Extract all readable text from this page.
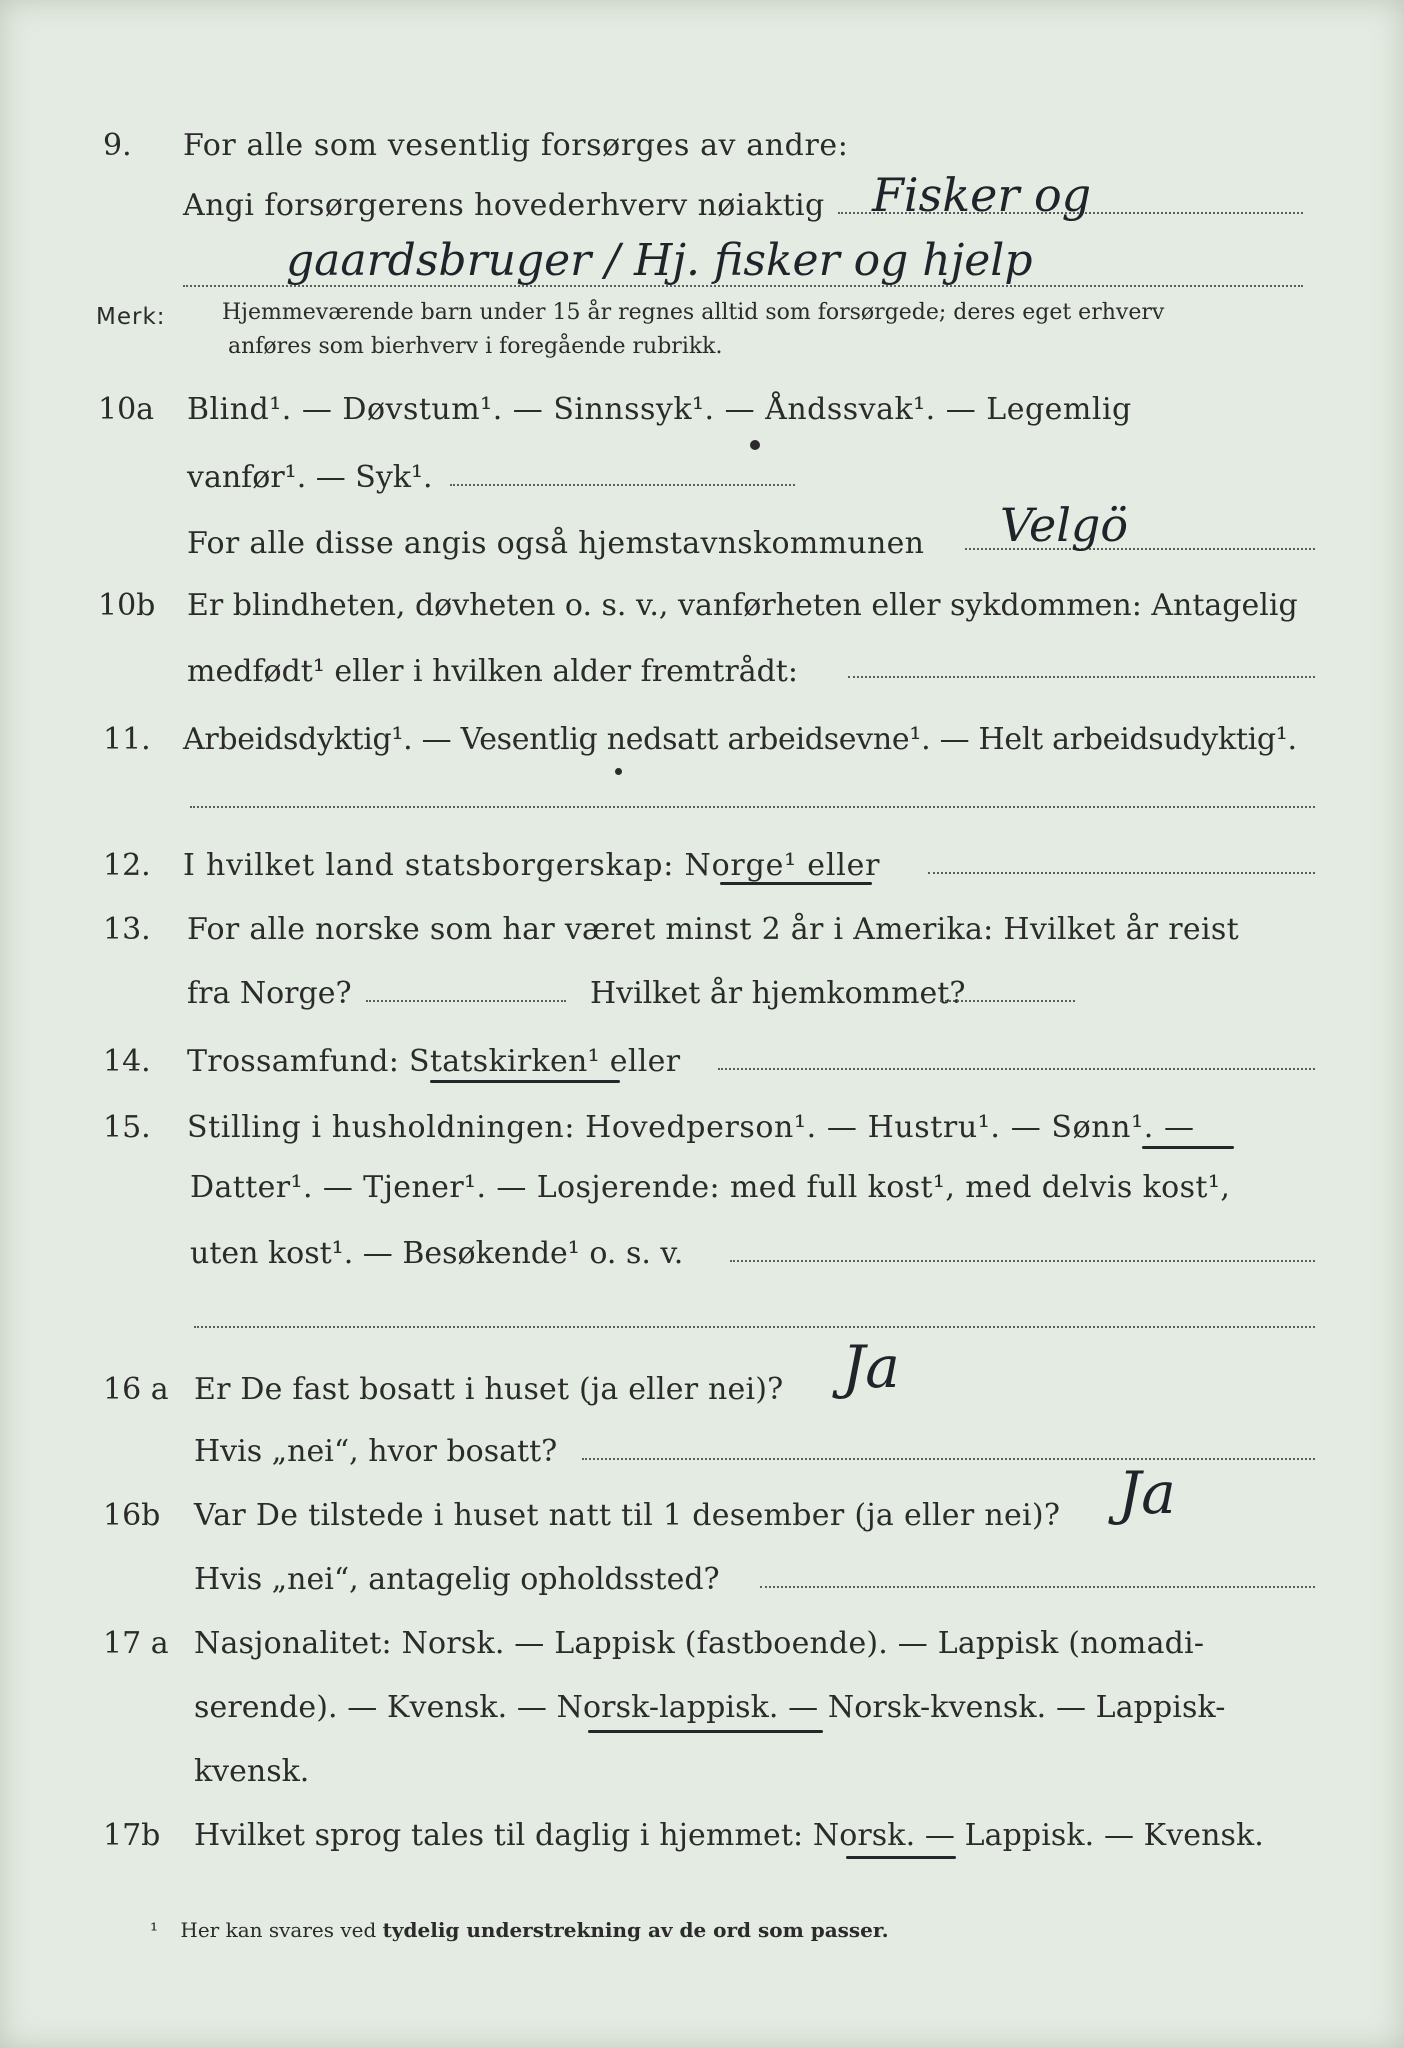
9. For alle som vesentlig forsørges av andre:
Angi forsørgerens hovederhverv nøiaktig Fisker og
gaardsbruger / Hj. fisker og hjelp
Merk:	Hjemmeværende barn under 15 år regnes alltid som forsørgede; deres eget erhverv
anføres som bierhverv i foregående rubrikk.
10a Blind¹. — Døvstum¹. — Sinnssyk¹. — Åndssvak¹. — Legemlig
vanfør¹. — Syk¹.
For alle disse angis også hjemstavnskommunen Velgö
10b Er blindheten, døvheten o. s. v., vanførheten eller sykdommen: Antagelig
medfødt¹ eller i hvilken alder fremtrådt:
11. Arbeidsdyktig¹. — Vesentlig nedsatt arbeidsevne¹. — Helt arbeidsudyktig¹.
12. I hvilket land statsborgerskap: Norge¹ eller
13. For alle norske som har været minst 2 år i Amerika: Hvilket år reist
fra Norge?	Hvilket år hjemkommet?
14. Trossamfund: Statskirken¹ eller
15. Stilling i husholdningen: Hovedperson¹. — Hustru¹. — Sønn¹. —
Datter¹. — Tjener¹. — Losjerende: med full kost¹, med delvis kost¹,
uten kost¹. — Besøkende¹ o. s. v.
16 a Er De fast bosatt i huset (ja eller nei)? Ja
Hvis „nei“, hvor bosatt?
16b Var De tilstede i huset natt til 1 desember (ja eller nei)? Ja
Hvis „nei“, antagelig opholdssted?
17 a Nasjonalitet: Norsk. — Lappisk (fastboende). — Lappisk (nomadi-
serende). — Kvensk. — Norsk-lappisk. — Norsk-kvensk. — Lappisk-
kvensk.
17b Hvilket sprog tales til daglig i hjemmet: Norsk. — Lappisk. — Kvensk.
¹ Her kan svares ved tydelig understrekning av de ord som passer.
